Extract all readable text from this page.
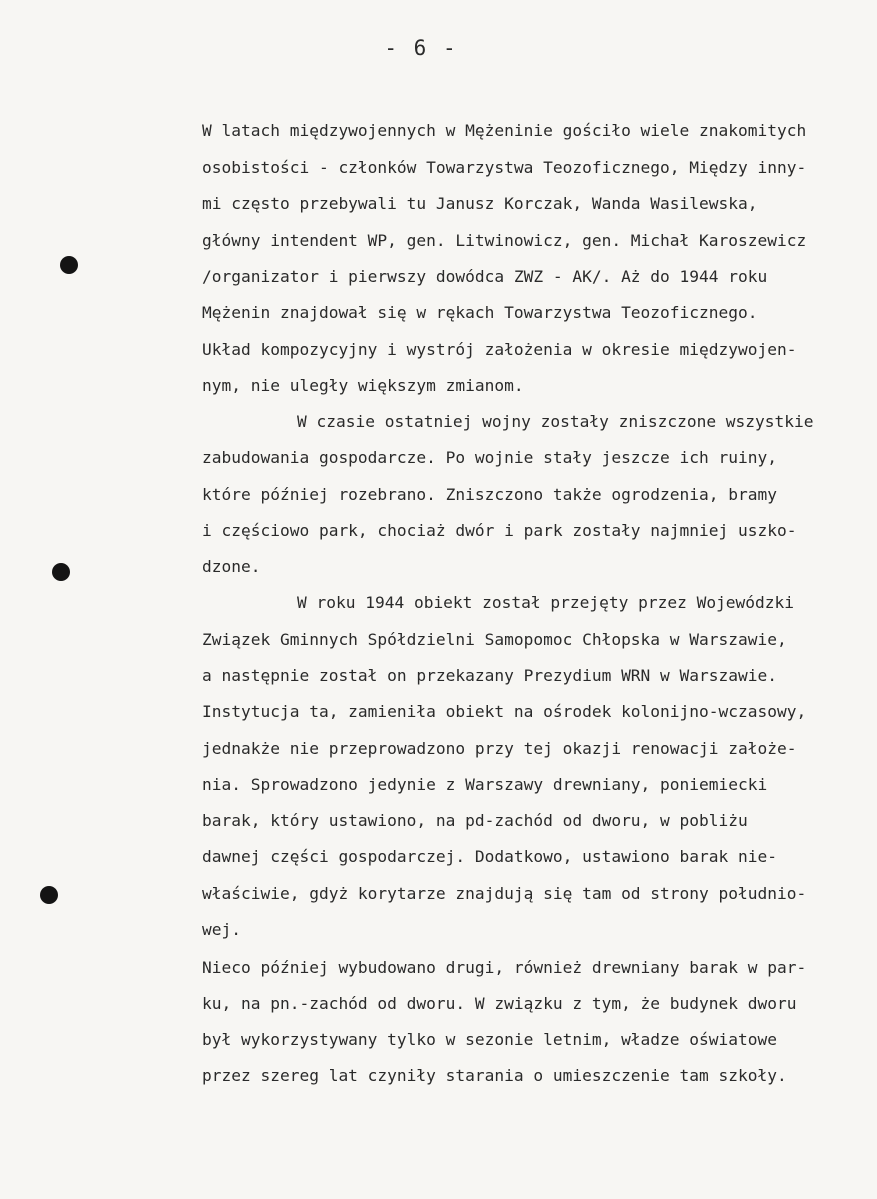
- 6 -
W latach międzywojennych w Mężeninie gościło wiele znakomitych
osobistości - członków Towarzystwa Teozoficznego, Między inny-
mi często przebywali tu Janusz Korczak, Wanda Wasilewska,
główny intendent WP, gen. Litwinowicz, gen. Michał Karoszewicz
/organizator i pierwszy dowódca ZWZ - AK/. Aż do 1944 roku
Mężenin znajdował się w rękach Towarzystwa Teozoficznego.
Układ kompozycyjny i wystrój założenia w okresie międzywojen-
nym, nie uległy większym zmianom.
W czasie ostatniej wojny zostały zniszczone wszystkie
zabudowania gospodarcze. Po wojnie stały jeszcze ich ruiny,
które później rozebrano. Zniszczono także ogrodzenia, bramy
i częściowo park, chociaż dwór i park zostały najmniej uszko-
dzone.
W roku 1944 obiekt został przejęty przez Wojewódzki
Związek Gminnych Spółdzielni Samopomoc Chłopska w Warszawie,
a następnie został on przekazany Prezydium WRN w Warszawie.
Instytucja ta, zamieniła obiekt na ośrodek kolonijno-wczasowy,
jednakże nie przeprowadzono przy tej okazji renowacji założe-
nia. Sprowadzono jedynie z Warszawy drewniany, poniemiecki
barak, który ustawiono, na pd-zachód od dworu, w pobliżu
dawnej części gospodarczej. Dodatkowo, ustawiono barak nie-
właściwie, gdyż korytarze znajdują się tam od strony południo-
wej.
Nieco później wybudowano drugi, również drewniany barak w par-
ku, na pn.-zachód od dworu. W związku z tym, że budynek dworu
był wykorzystywany tylko w sezonie letnim, władze oświatowe
przez szereg lat czyniły starania o umieszczenie tam szkoły.
